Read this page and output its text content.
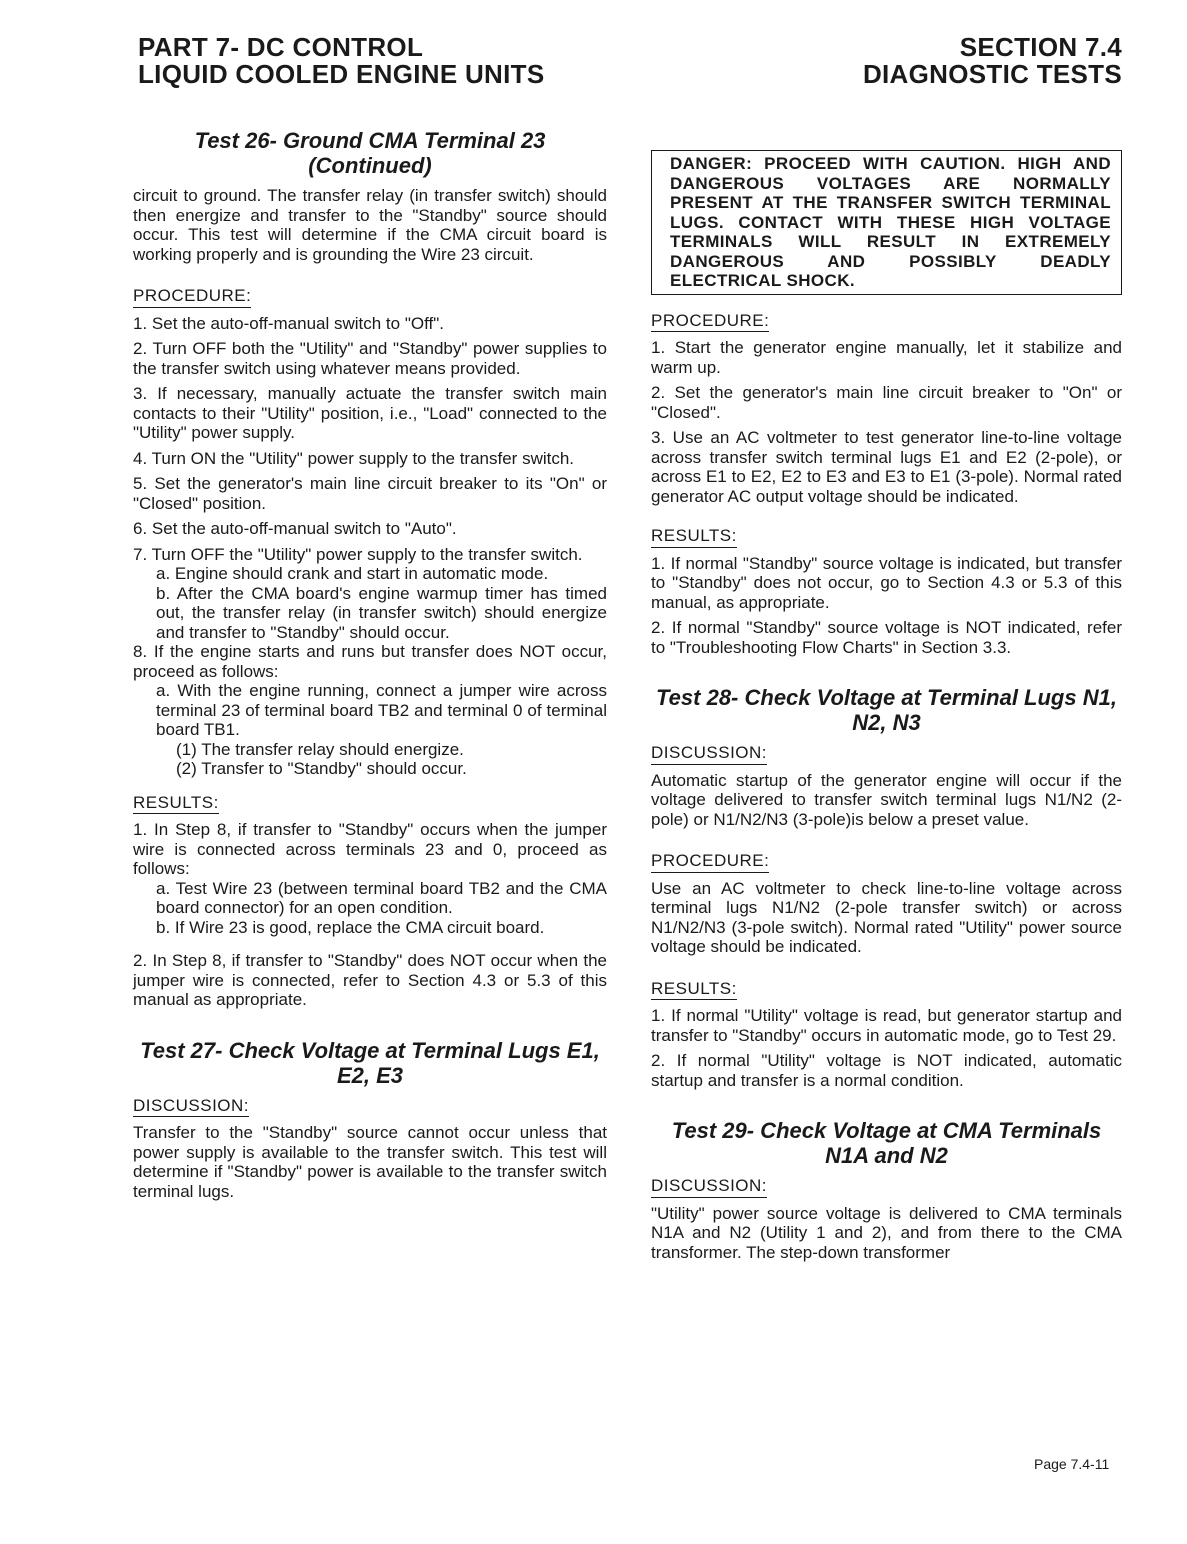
PART 7- DC CONTROL
LIQUID COOLED ENGINE UNITS
SECTION 7.4
DIAGNOSTIC TESTS
Test 26- Ground CMA Terminal 23 (Continued)

circuit to ground. The transfer relay (in transfer switch) should then energize and transfer to the "Standby" source should occur. This test will determine if the CMA circuit board is working properly and is grounding the Wire 23 circuit.

PROCEDURE:
1. Set the auto-off-manual switch to "Off".
2. Turn OFF both the "Utility" and "Standby" power supplies to the transfer switch using whatever means provided.
3. If necessary, manually actuate the transfer switch main contacts to their "Utility" position, i.e., "Load" connected to the "Utility" power supply.
4. Turn ON the "Utility" power supply to the transfer switch.
5. Set the generator's main line circuit breaker to its "On" or "Closed" position.
6. Set the auto-off-manual switch to "Auto".
7. Turn OFF the "Utility" power supply to the transfer switch.
a. Engine should crank and start in automatic mode.
b. After the CMA board's engine warmup timer has timed out, the transfer relay (in transfer switch) should energize and transfer to "Standby" should occur.
8. If the engine starts and runs but transfer does NOT occur, proceed as follows:
a. With the engine running, connect a jumper wire across terminal 23 of terminal board TB2 and terminal 0 of terminal board TB1.
(1) The transfer relay should energize.
(2) Transfer to "Standby" should occur.
RESULTS:
1. In Step 8, if transfer to "Standby" occurs when the jumper wire is connected across terminals 23 and 0, proceed as follows:
a. Test Wire 23 (between terminal board TB2 and the CMA board connector) for an open condition.
b. If Wire 23 is good, replace the CMA circuit board.
2. In Step 8, if transfer to "Standby" does NOT occur when the jumper wire is connected, refer to Section 4.3 or 5.3 of this manual as appropriate.
Test 27- Check Voltage at Terminal Lugs E1, E2, E3
DISCUSSION:

Transfer to the "Standby" source cannot occur unless that power supply is available to the transfer switch. This test will determine if "Standby" power is available to the transfer switch terminal lugs.

DANGER: PROCEED WITH CAUTION. HIGH AND DANGEROUS VOLTAGES ARE NORMALLY PRESENT AT THE TRANSFER SWITCH TERMINAL LUGS. CONTACT WITH THESE HIGH VOLTAGE TERMINALS WILL RESULT IN EXTREMELY DANGEROUS AND POSSIBLY DEADLY ELECTRICAL SHOCK.
PROCEDURE:
1. Start the generator engine manually, let it stabilize and warm up.
2. Set the generator's main line circuit breaker to "On" or "Closed".
3. Use an AC voltmeter to test generator line-to-line voltage across transfer switch terminal lugs E1 and E2 (2-pole), or across E1 to E2, E2 to E3 and E3 to E1 (3-pole). Normal rated generator AC output voltage should be indicated.
RESULTS:
1. If normal "Standby" source voltage is indicated, but transfer to "Standby" does not occur, go to Section 4.3 or 5.3 of this manual, as appropriate.
2. If normal "Standby" source voltage is NOT indicated, refer to "Troubleshooting Flow Charts" in Section 3.3.
Test 28- Check Voltage at Terminal Lugs N1, N2, N3
DISCUSSION:

Automatic startup of the generator engine will occur if the voltage delivered to transfer switch terminal lugs N1/N2 (2-pole) or N1/N2/N3 (3-pole)is below a preset value.

PROCEDURE:

Use an AC voltmeter to check line-to-line voltage across terminal lugs N1/N2 (2-pole transfer switch) or across N1/N2/N3 (3-pole switch). Normal rated "Utility" power source voltage should be indicated.

RESULTS:
1. If normal "Utility" voltage is read, but generator startup and transfer to "Standby" occurs in automatic mode, go to Test 29.
2. If normal "Utility" voltage is NOT indicated, automatic startup and transfer is a normal condition.
Test 29- Check Voltage at CMA Terminals N1A and N2
DISCUSSION:

"Utility" power source voltage is delivered to CMA terminals N1A and N2 (Utility 1 and 2), and from there to the CMA transformer. The step-down transformer

Page 7.4-11
